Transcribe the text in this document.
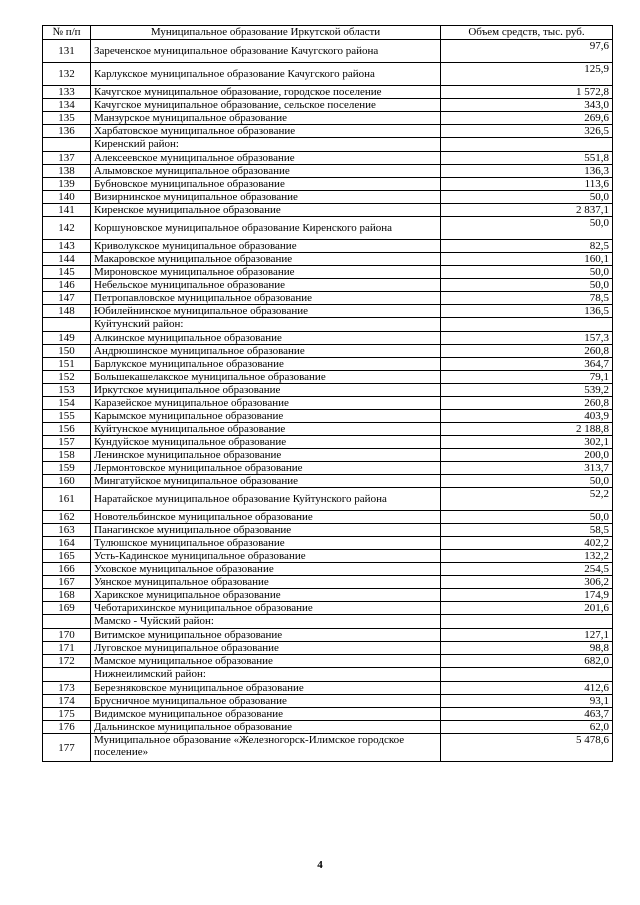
№ п/п	Муниципальное образование Иркутской области	Объем средств, тыс. руб.
131	Зареченское муниципальное образование Качугского района	97,6
132	Карлукское муниципальное образование Качугского района	125,9
133	Качугское муниципальное образование, городское поселение	1 572,8
134	Качугское муниципальное образование, сельское поселение	343,0
135	Манзурское муниципальное образование	269,6
136	Харбатовское муниципальное образование	326,5
	Киренский район:	
137	Алексеевское муниципальное образование	551,8
138	Алымовское муниципальное образование	136,3
139	Бубновское муниципальное образование	113,6
140	Визирнинское муниципальное образование	50,0
141	Киренское муниципальное образование	2 837,1
142	Коршуновское муниципальное образование Киренского района	50,0
143	Криволукское муниципальное образование	82,5
144	Макаровское муниципальное образование	160,1
145	Мироновское муниципальное образование	50,0
146	Небельское муниципальное образование	50,0
147	Петропавловское муниципальное образование	78,5
148	Юбилейнинское муниципальное образование	136,5
	Куйтунский район:	
149	Алкинское муниципальное образование	157,3
150	Андрюшинское муниципальное образование	260,8
151	Барлукское муниципальное образование	364,7
152	Большекашелакское муниципальное образование	79,1
153	Иркутское муниципальное образование	539,2
154	Каразейское муниципальное образование	260,8
155	Карымское муниципальное образование	403,9
156	Куйтунское муниципальное образование	2 188,8
157	Кундуйское муниципальное образование	302,1
158	Ленинское муниципальное образование	200,0
159	Лермонтовское муниципальное образование	313,7
160	Мингатуйское муниципальное образование	50,0
161	Наратайское муниципальное образование Куйтунского района	52,2
162	Новотельбинское муниципальное образование	50,0
163	Панагинское муниципальное образование	58,5
164	Тулюшское муниципальное образование	402,2
165	Усть-Кадинское муниципальное образование	132,2
166	Уховское муниципальное образование	254,5
167	Уянское муниципальное образование	306,2
168	Харикское муниципальное образование	174,9
169	Чеботарихинское муниципальное образование	201,6
	Мамско - Чуйский район:	
170	Витимское муниципальное образование	127,1
171	Луговское муниципальное образование	98,8
172	Мамское муниципальное образование	682,0
	Нижнеилимский район:	
173	Березняковское муниципальное образование	412,6
174	Брусничное муниципальное образование	93,1
175	Видимское муниципальное образование	463,7
176	Дальнинское муниципальное образование	62,0
177	Муниципальное образование «Железногорск-Илимское городское поселение»	5 478,6
4
